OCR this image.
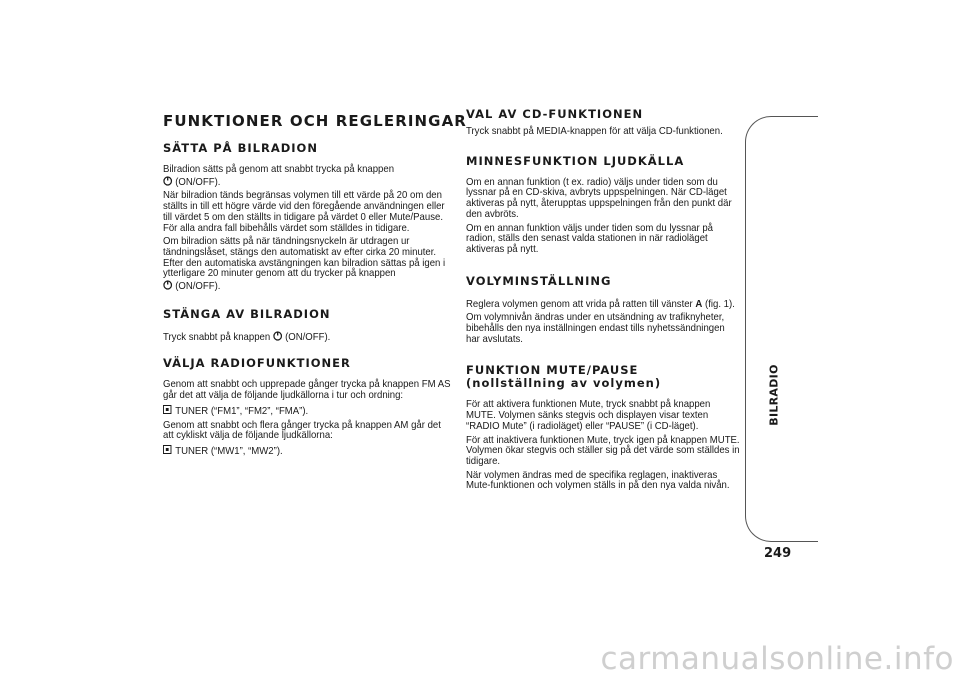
FUNKTIONER OCH REGLERINGAR
SÄTTA PÅ BILRADION

Bilradion sätts på genom att snabbt trycka på knappen
(ON/OFF).

När bilradion tänds begränsas volymen till ett värde på 20 om den ställts in till ett högre värde vid den föregående användningen eller till värdet 5 om den ställts in tidigare på värdet 0 eller Mute/Pause. För alla andra fall bibehålls värdet som ställdes in tidigare.

Om bilradion sätts på när tändningsnyckeln är utdragen ur tändningslåset, stängs den automatiskt av efter cirka 20 minuter. Efter den automatiska avstängningen kan bilradion sättas på igen i ytterligare 20 minuter genom att du trycker på knappen
(ON/OFF).

STÄNGA AV BILRADION

Tryck snabbt på knappen (ON/OFF).

VÄLJA RADIOFUNKTIONER

Genom att snabbt och upprepade gånger trycka på knappen FM AS går det att välja de följande ljudkällorna i tur och ordning:

TUNER (“FM1”, “FM2”, “FMA”).

Genom att snabbt och flera gånger trycka på knappen AM går det att cykliskt välja de följande ljudkällorna:

TUNER (“MW1”, “MW2”).

VAL AV CD-FUNKTIONEN

Tryck snabbt på MEDIA-knappen för att välja CD-funktionen.

MINNESFUNKTION LJUDKÄLLA

Om en annan funktion (t ex. radio) väljs under tiden som du lyssnar på en CD-skiva, avbryts uppspelningen. När CD-läget aktiveras på nytt, återupptas uppspelningen från den punkt där den avbröts.

Om en annan funktion väljs under tiden som du lyssnar på radion, ställs den senast valda stationen in när radioläget aktiveras på nytt.

VOLYMINSTÄLLNING

Reglera volymen genom att vrida på ratten till vänster A (fig. 1).

Om volymnivån ändras under en utsändning av trafiknyheter, bibehålls den nya inställningen endast tills nyhetssändningen har avslutats.

FUNKTION MUTE/PAUSE
(nollställning av volymen)

För att aktivera funktionen Mute, tryck snabbt på knappen MUTE. Volymen sänks stegvis och displayen visar texten “RADIO Mute” (i radioläget) eller “PAUSE” (i CD-läget).

För att inaktivera funktionen Mute, tryck igen på knappen MUTE. Volymen ökar stegvis och ställer sig på det värde som ställdes in tidigare.

När volymen ändras med de specifika reglagen, inaktiveras Mute-funktionen och volymen ställs in på den nya valda nivån.

BILRADIO
249
carmanualsonline.info
